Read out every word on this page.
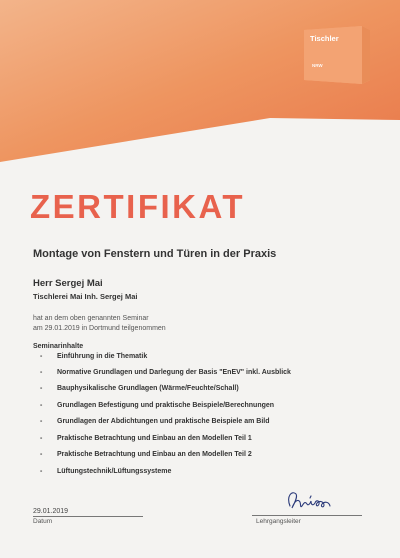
Tischler
NRW
ZERTIFIKAT
Montage von Fenstern und Türen in der Praxis
Herr Sergej Mai
Tischlerei Mai Inh. Sergej Mai
hat an dem oben genannten Seminar
am 29.01.2019 in Dortmund teilgenommen
Seminarinhalte
- Einführung in die Thematik
- Normative Grundlagen und Darlegung der Basis "EnEV" inkl. Ausblick
- Bauphysikalische Grundlagen (Wärme/Feuchte/Schall)
- Grundlagen Befestigung und praktische Beispiele/Berechnungen
- Grundlagen der Abdichtungen und praktische Beispiele am Bild
- Praktische Betrachtung und Einbau an den Modellen Teil 1
- Praktische Betrachtung und Einbau an den Modellen Teil 2
- Lüftungstechnik/Lüftungssysteme
29.01.2019
Datum	Lehrgangsleiter
